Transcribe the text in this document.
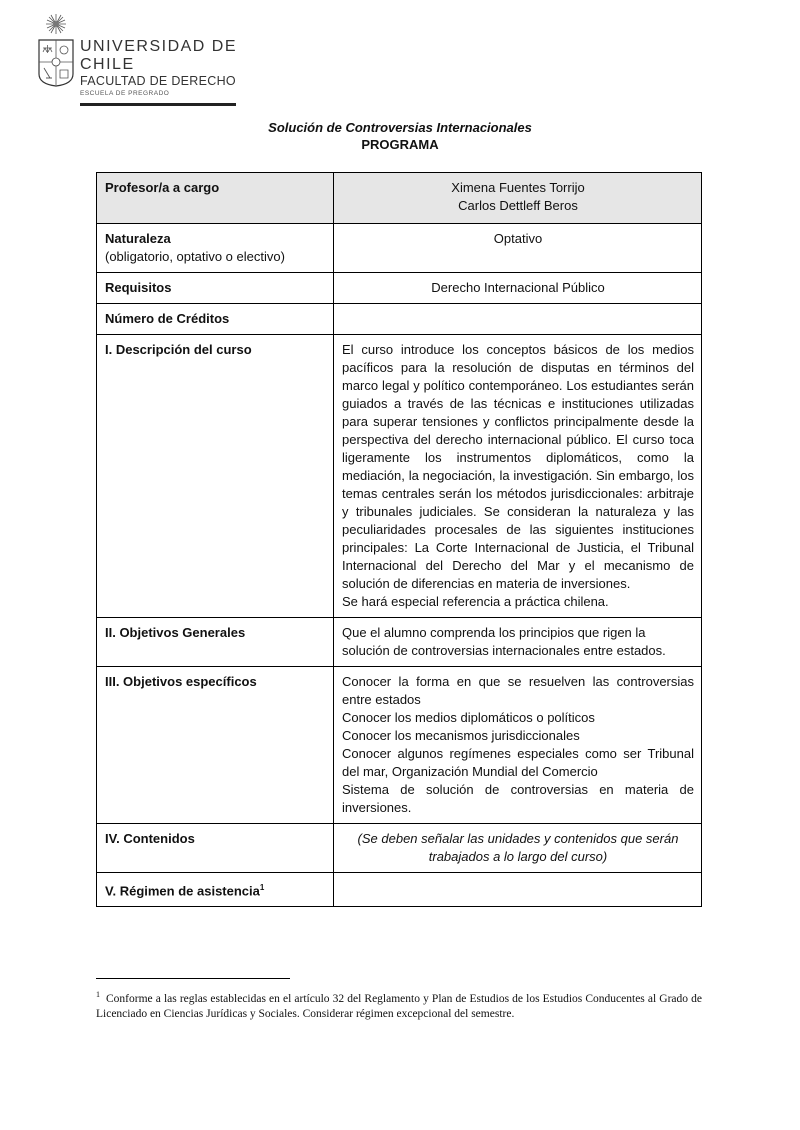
UNIVERSIDAD DE CHILE
FACULTAD DE DERECHO
ESCUELA DE PREGRADO
Solución de Controversias Internacionales
PROGRAMA
Profesor/a a cargo	Ximena Fuentes Torrijo
Carlos Dettleff Beros

Naturaleza
(obligatorio, optativo o electivo)	Optativo
Requisitos	Derecho Internacional Público
Número de Créditos	
I. Descripción del curso	El curso introduce los conceptos básicos de los medios pacíficos para la resolución de disputas en términos del marco legal y político contemporáneo. Los estudiantes serán guiados a través de las técnicas e instituciones utilizadas para superar tensiones y conflictos principalmente desde la perspectiva del derecho internacional público. El curso toca ligeramente los instrumentos diplomáticos, como la mediación, la negociación, la investigación. Sin embargo, los temas centrales serán los métodos jurisdiccionales: arbitraje y tribunales judiciales. Se consideran la naturaleza y las peculiaridades procesales de las siguientes instituciones principales: La Corte Internacional de Justicia, el Tribunal Internacional del Derecho del Mar y el mecanismo de solución de diferencias en materia de inversiones.
Se hará especial referencia a práctica chilena.

II. Objetivos Generales	Que el alumno comprenda los principios que rigen la
solución de controversias internacionales entre estados.

III. Objetivos específicos	Conocer la forma en que se resuelven las controversias entre estados
Conocer los medios diplomáticos o políticos
Conocer los mecanismos jurisdiccionales
Conocer algunos regímenes especiales como ser Tribunal del mar, Organización Mundial del Comercio
Sistema de solución de controversias en materia de inversiones.

IV. Contenidos	(Se deben señalar las unidades y contenidos que serán
trabajados a lo largo del curso)

V. Régimen de asistencia$^1$	
$^1$ Conforme a las reglas establecidas en el artículo 32 del Reglamento y Plan de Estudios de los Estudios Conducentes al Grado de Licenciado en Ciencias Jurídicas y Sociales. Considerar régimen excepcional del semestre.
